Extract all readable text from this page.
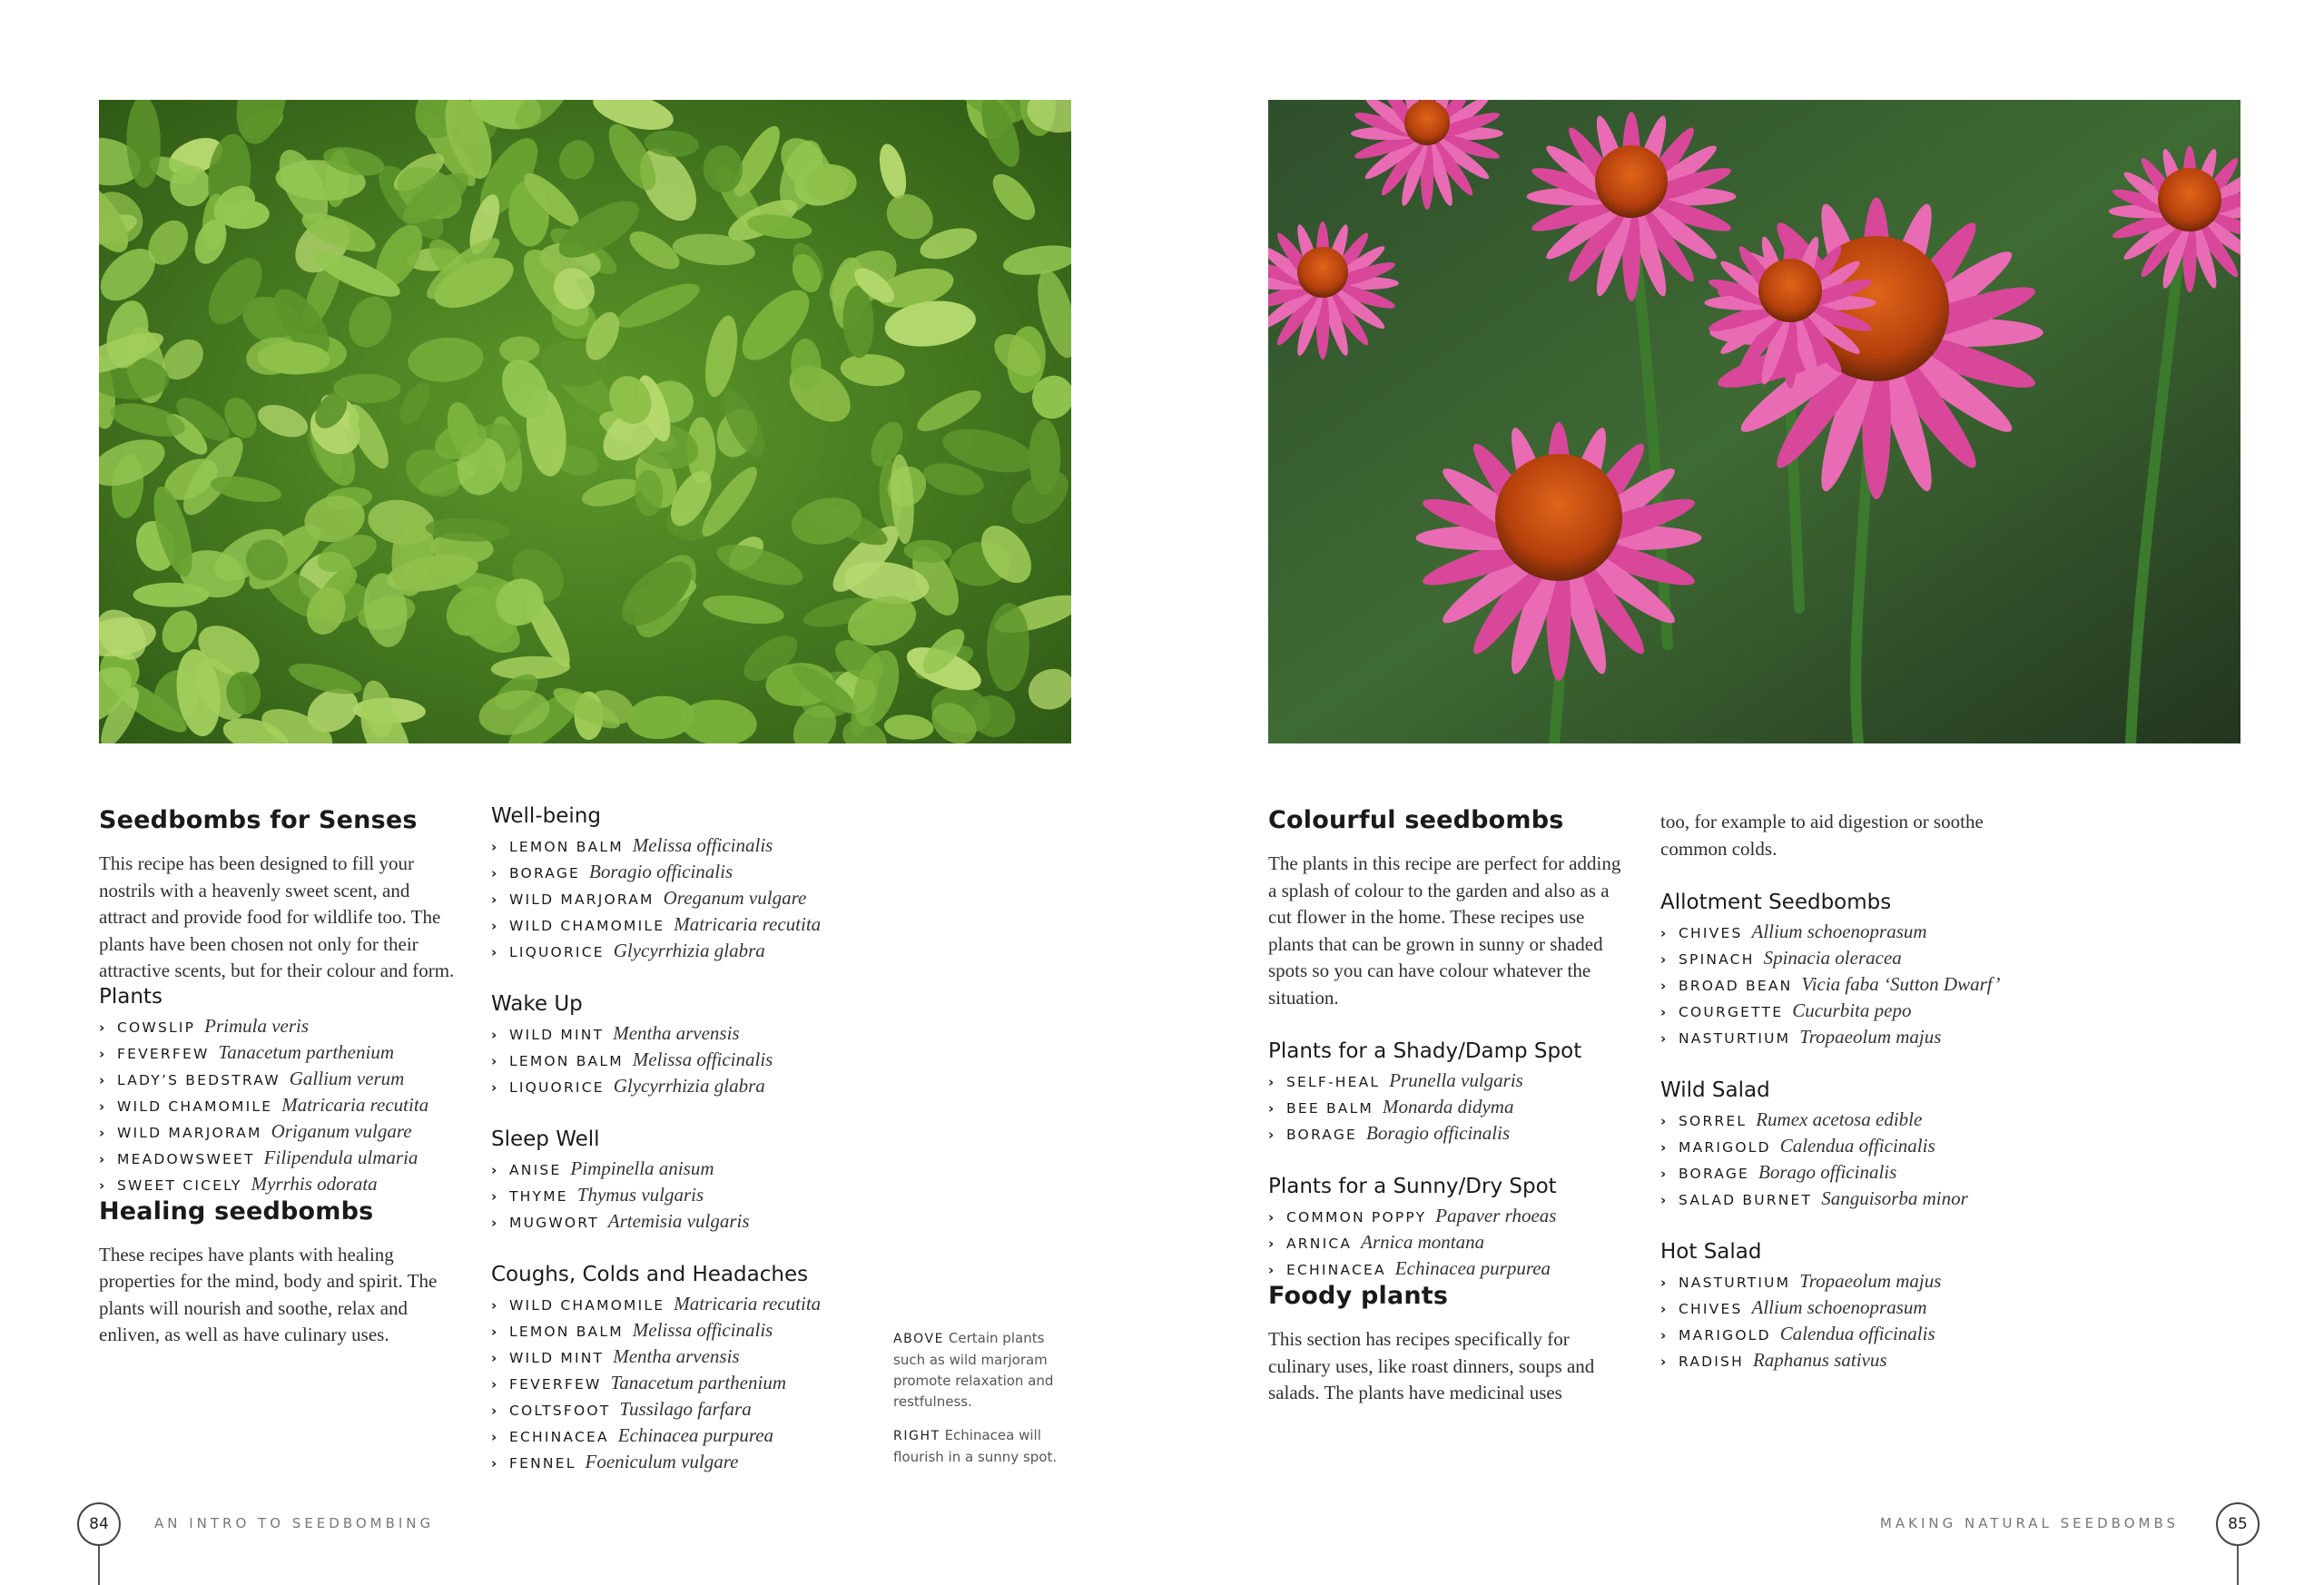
Seedbombs for Senses

This recipe has been designed to fill your nostrils with a heavenly sweet scent, and attract and provide food for wildlife too. The plants have been chosen not only for their attractive scents, but for their colour and form.

Plants
› COWSLIP Primula veris
› FEVERFEW Tanacetum parthenium
› LADY’S BEDSTRAW Gallium verum
› WILD CHAMOMILE Matricaria recutita
› WILD MARJORAM Origanum vulgare
› MEADOWSWEET Filipendula ulmaria
› SWEET CICELY Myrrhis odorata
Healing seedbombs

These recipes have plants with healing properties for the mind, body and spirit. The plants will nourish and soothe, relax and enliven, as well as have culinary uses.

Well-being
› LEMON BALM Melissa officinalis
› BORAGE Boragio officinalis
› WILD MARJORAM Oreganum vulgare
› WILD CHAMOMILE Matricaria recutita
› LIQUORICE Glycyrrhizia glabra
Wake Up
› WILD MINT Mentha arvensis
› LEMON BALM Melissa officinalis
› LIQUORICE Glycyrrhizia glabra
Sleep Well
› ANISE Pimpinella anisum
› THYME Thymus vulgaris
› MUGWORT Artemisia vulgaris
Coughs, Colds and Headaches
› WILD CHAMOMILE Matricaria recutita
› LEMON BALM Melissa officinalis
› WILD MINT Mentha arvensis
› FEVERFEW Tanacetum parthenium
› COLTSFOOT Tussilago farfara
› ECHINACEA Echinacea purpurea
› FENNEL Foeniculum vulgare

ABOVE Certain plants such as wild marjoram promote relaxation and restfulness.

RIGHT Echinacea will flourish in a sunny spot.

Colourful seedbombs

The plants in this recipe are perfect for adding a splash of colour to the garden and also as a cut flower in the home. These recipes use plants that can be grown in sunny or shaded spots so you can have colour whatever the situation.

Plants for a Shady/Damp Spot
› SELF-HEAL Prunella vulgaris
› BEE BALM Monarda didyma
› BORAGE Boragio officinalis
Plants for a Sunny/Dry Spot
› COMMON POPPY Papaver rhoeas
› ARNICA Arnica montana
› ECHINACEA Echinacea purpurea
Foody plants

This section has recipes specifically for culinary uses, like roast dinners, soups and salads. The plants have medicinal uses

too, for example to aid digestion or soothe common colds.

Allotment Seedbombs
› CHIVES Allium schoenoprasum
› SPINACH Spinacia oleracea
› BROAD BEAN Vicia faba ‘Sutton Dwarf’
› COURGETTE Cucurbita pepo
› NASTURTIUM Tropaeolum majus
Wild Salad
› SORREL Rumex acetosa edible
› MARIGOLD Calendua officinalis
› BORAGE Borago officinalis
› SALAD BURNET Sanguisorba minor
Hot Salad
› NASTURTIUM Tropaeolum majus
› CHIVES Allium schoenoprasum
› MARIGOLD Calendua officinalis
› RADISH Raphanus sativus
84	AN INTRO TO SEEDBOMBING	85
MAKING NATURAL SEEDBOMBS
